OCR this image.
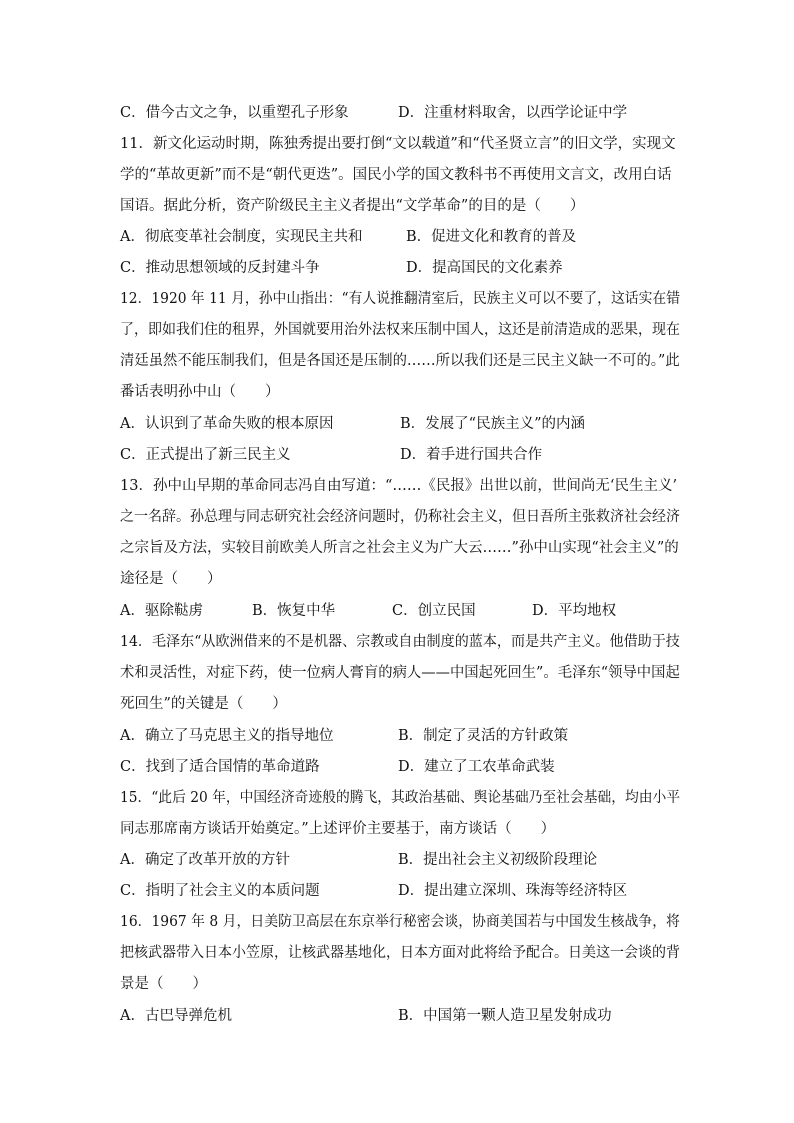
C．借今古文之争，以重塑孔子形象	D．注重材料取舍，以西学论证中学
11．新文化运动时期，陈独秀提出要打倒“文以载道”和“代圣贤立言”的旧文学，实现文
学的“革故更新”而不是“朝代更迭”。国民小学的国文教科书不再使用文言文，改用白话
国语。据此分析，资产阶级民主主义者提出“文学革命”的目的是（　　）
A．彻底变革社会制度，实现民主共和	B．促进文化和教育的普及
C．推动思想领域的反封建斗争	D．提高国民的文化素养
12．1920 年 11 月，孙中山指出：“有人说推翻清室后，民族主义可以不要了，这话实在错
了，即如我们住的租界，外国就要用治外法权来压制中国人，这还是前清造成的恶果，现在
清廷虽然不能压制我们，但是各国还是压制的……所以我们还是三民主义缺一不可的。”此
番话表明孙中山（　　）
A．认识到了革命失败的根本原因	B．发展了“民族主义”的内涵
C．正式提出了新三民主义	D．着手进行国共合作
13．孙中山早期的革命同志冯自由写道：“……《民报》出世以前，世间尚无‘民生主义’
之一名辞。孙总理与同志研究社会经济问题时，仍称社会主义，但日吾所主张救济社会经济
之宗旨及方法，实较目前欧美人所言之社会主义为广大云……”孙中山实现“社会主义”的
途径是（　　）
A．驱除鞑虏	B．恢复中华	C．创立民国	D．平均地权
14．毛泽东“从欧洲借来的不是机器、宗教或自由制度的蓝本，而是共产主义。他借助于技
术和灵活性，对症下药，使一位病人膏肓的病人——中国起死回生”。毛泽东“领导中国起
死回生”的关键是（　　）
A．确立了马克思主义的指导地位	B．制定了灵活的方针政策
C．找到了适合国情的革命道路	D．建立了工农革命武装
15．“此后 20 年，中国经济奇迹般的腾飞，其政治基础、舆论基础乃至社会基础，均由小平
同志那席南方谈话开始奠定。”上述评价主要基于，南方谈话（　　）
A．确定了改革开放的方针	B．提出社会主义初级阶段理论
C．指明了社会主义的本质问题	D．提出建立深圳、珠海等经济特区
16．1967 年 8 月，日美防卫高层在东京举行秘密会谈，协商美国若与中国发生核战争，将
把核武器带入日本小笠原，让核武器基地化，日本方面对此将给予配合。日美这一会谈的背
景是（　　）
A．古巴导弹危机	B．中国第一颗人造卫星发射成功
